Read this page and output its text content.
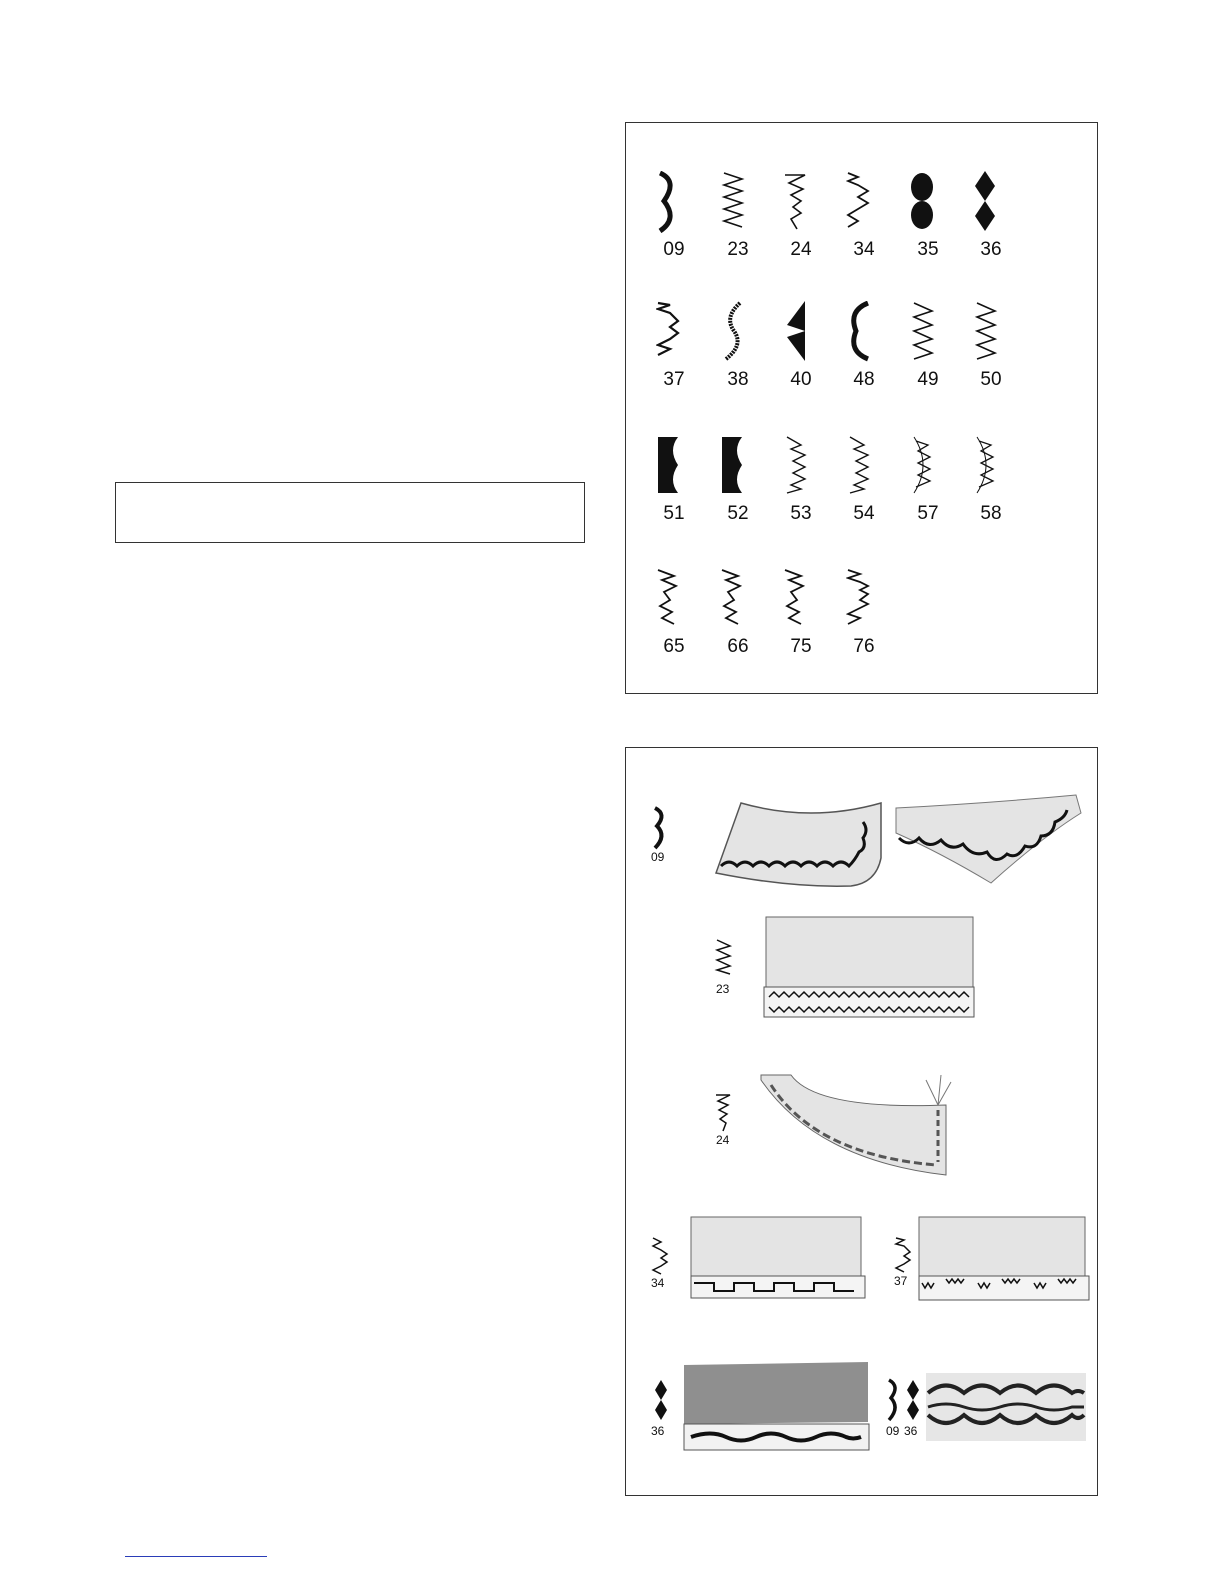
09	23	24	34	35	36
37	38	40	48	49	50
51	52	53	54	57	58
65	66	75	76
09
23
24
34	37
36	09 36
